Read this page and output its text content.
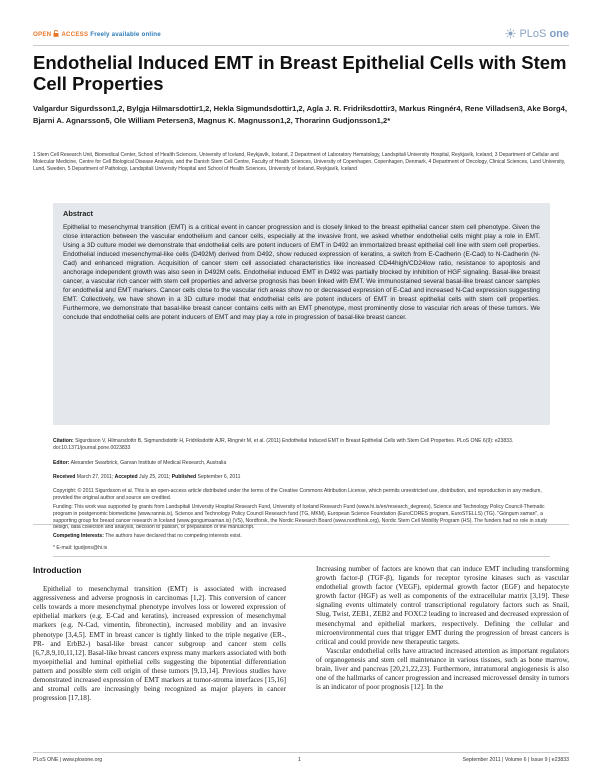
OPEN ACCESS Freely available online	PLoS one
Endothelial Induced EMT in Breast Epithelial Cells with Stem Cell Properties

Valgardur Sigurdsson1,2, Bylgja Hilmarsdottir1,2, Hekla Sigmundsdottir1,2, Agla J. R. Fridriksdottir3, Markus Ringnér4, Rene Villadsen3, Ake Borg4, Bjarni A. Agnarsson5, Ole William Petersen3, Magnus K. Magnusson1,2, Thorarinn Gudjonsson1,2*

1 Stem Cell Research Unit, Biomedical Center, School of Health Sciences, University of Iceland, Reykjavík, Iceland, 2 Department of Laboratory Hematology, Landspitali University Hospital, Reykjavík, Iceland, 3 Department of Cellular and Molecular Medicine, Centre for Cell Biological Disease Analysis, and the Danish Stem Cell Centre, Faculty of Health Sciences, University of Copenhagen, Copenhagen, Denmark, 4 Department of Oncology, Clinical Sciences, Lund University, Lund, Sweden, 5 Department of Pathology, Landspitali University Hospital and School of Health Sciences, University of Iceland, Reykjavík, Iceland

Abstract

Epithelial to mesenchymal transition (EMT) is a critical event in cancer progression and is closely linked to the breast epithelial cancer stem cell phenotype. Given the close interaction between the vascular endothelium and cancer cells, especially at the invasive front, we asked whether endothelial cells might play a role in EMT. Using a 3D culture model we demonstrate that endothelial cells are potent inducers of EMT in D492 an immortalized breast epithelial cell line with stem cell properties. Endothelial induced mesenchymal-like cells (D492M) derived from D492, show reduced expression of keratins, a switch from E-Cadherin (E-Cad) to N-Cadherin (N-Cad) and enhanced migration. Acquisition of cancer stem cell associated characteristics like increased CD44high/CD24low ratio, resistance to apoptosis and anchorage independent growth was also seen in D492M cells. Endothelial induced EMT in D492 was partially blocked by inhibition of HGF signaling. Basal-like breast cancer, a vascular rich cancer with stem cell properties and adverse prognosis has been linked with EMT. We immunostained several basal-like breast cancer samples for endothelial and EMT markers. Cancer cells close to the vascular rich areas show no or decreased expression of E-Cad and increased N-Cad expression suggesting EMT. Collectively, we have shown in a 3D culture model that endothelial cells are potent inducers of EMT in breast epithelial cells with stem cell properties. Furthermore, we demonstrate that basal-like breast cancer contains cells with an EMT phenotype, most prominently close to vascular rich areas of these tumors. We conclude that endothelial cells are potent inducers of EMT and may play a role in progression of basal-like breast cancer.

Citation: Sigurdsson V, Hilmarsdottir B, Sigmundsdottir H, Fridriksdottir AJR, Ringnér M, et al. (2011) Endothelial Induced EMT in Breast Epithelial Cells with Stem Cell Properties. PLoS ONE 6(9): e23833. doi:10.1371/journal.pone.0023833

Editor: Alexander Swarbrick, Garvan Institute of Medical Research, Australia

Received March 27, 2011; Accepted July 25, 2011; Published September 6, 2011

Copyright: © 2011 Sigurdsson et al. This is an open-access article distributed under the terms of the Creative Commons Attribution License, which permits unrestricted use, distribution, and reproduction in any medium, provided the original author and source are credited.

Funding: This work was supported by grants from Landspitali University Hospital Research Fund, University of Iceland Research Fund (www.hi.is/en/research_degrees), Science and Technology Policy Council-Thematic program in postgenomic biomedicine (www.rannis.is), Science and Technology Policy Council Research fund (TG, MKM), European Science Foundation (EuroCORES program, EuroSTELLS) (TG). "Göngum saman", a supporting group for breast cancer research in Iceland (www.gongumsaman.is) (VS), Nordforsk, the Nordic Research Board (www.nordforsk.org), Nordic Stem Cell Mobility Program (HS). The funders had no role in study design, data collection and analysis, decision to publish, or preparation of the manuscript.

Competing Interests: The authors have declared that no competing interests exist.

* E-mail: tgudjons@hi.is

Introduction

Epithelial to mesenchymal transition (EMT) is associated with increased aggressiveness and adverse prognosis in carcinomas [1,2]. This conversion of cancer cells towards a more mesenchymal phenotype involves loss or lowered expression of epithelial markers (e.g. E-Cad and keratins), increased expression of mesenchymal markers (e.g. N-Cad, vimentin, fibronectin), increased mobility and an invasive phenotype [3,4,5]. EMT in breast cancer is tightly linked to the triple negative (ER-, PR- and ErbB2-) basal-like breast cancer subgroup and cancer stem cells [6,7,8,9,10,11,12]. Basal-like breast cancers express many markers associated with both myoepithelial and luminal epithelial cells suggesting the bipotential differentiation pattern and possible stem cell origin of these tumors [9,13,14]. Previous studies have demonstrated increased expression of EMT markers at tumor-stroma interfaces [15,16] and stromal cells are increasingly being recognized as major players in cancer progression [17,18].

Increasing number of factors are known that can induce EMT including transforming growth factor-β (TGF-β), ligands for receptor tyrosine kinases such as vascular endothelial growth factor (VEGF), epidermal growth factor (EGF) and hepatocyte growth factor (HGF) as well as components of the extracellular matrix [3,19]. These signaling events ultimately control transcriptional regulatory factors such as Snail, Slug, Twist, ZEB1, ZEB2 and FOXC2 leading to increased and decreased expression of mesenchymal and epithelial markers, respectively. Defining the cellular and microenvironmental cues that trigger EMT during the progression of breast cancers is critical and could provide new therapeutic targets.

Vascular endothelial cells have attracted increased attention as important regulators of organogenesis and stem cell maintenance in various tissues, such as bone marrow, brain, liver and pancreas [20,21,22,23]. Furthermore, intratumoral angiogenesis is also one of the hallmarks of cancer progression and increased microvessel density in tumors is an indicator of poor prognosis [12]. In the

PLoS ONE | www.plosone.org	1	September 2011 | Volume 6 | Issue 9 | e23833
